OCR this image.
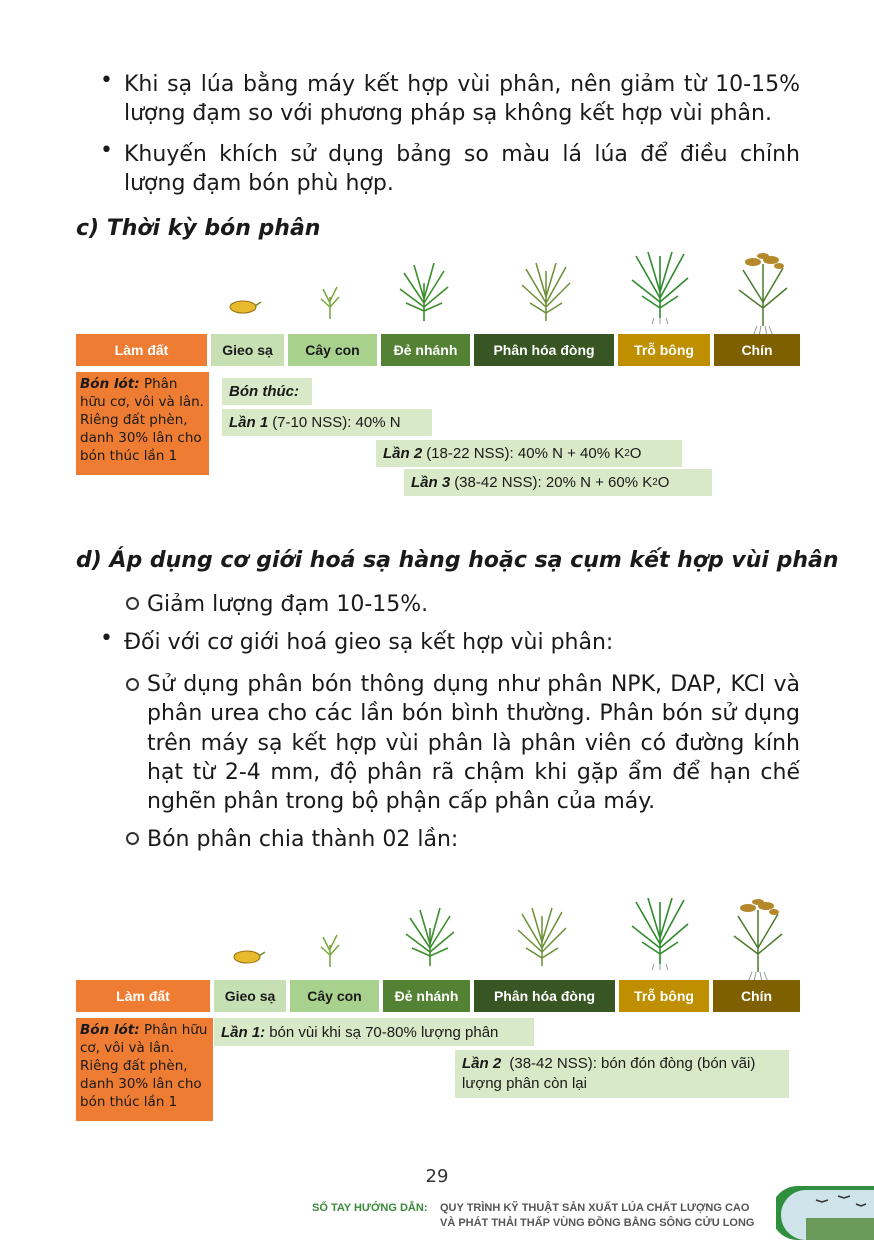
• Khi sạ lúa bằng máy kết hợp vùi phân, nên giảm từ 10-15% lượng đạm so với phương pháp sạ không kết hợp vùi phân.
• Khuyến khích sử dụng bảng so màu lá lúa để điều chỉnh lượng đạm bón phù hợp.
c) Thời kỳ bón phân
Làm đất	Gieo sạ	Cây con	Đẻ nhánh	Phân hóa đòng	Trỗ bông	Chín
Bón lót: Phân hữu cơ, vôi và lân. Riêng đất phèn, danh 30% lân cho bón thúc lần 1
Bón thúc:
Lần 1 (7-10 NSS): 40% N
Lần 2 (18-22 NSS): 40% N + 40% K 2 O
Lần 3 (38-42 NSS): 20% N + 60% K 2 O
d) Áp dụng cơ giới hoá sạ hàng hoặc sạ cụm kết hợp vùi phân
Giảm lượng đạm 10-15%.
• Đối với cơ giới hoá gieo sạ kết hợp vùi phân:
Sử dụng phân bón thông dụng như phân NPK, DAP, KCl và phân urea cho các lần bón bình thường. Phân bón sử dụng trên máy sạ kết hợp vùi phân là phân viên có đường kính hạt từ 2-4 mm, độ phân rã chậm khi gặp ẩm để hạn chế nghẽn phân trong bộ phận cấp phân của máy.
Bón phân chia thành 02 lần:
Làm đất	Gieo sạ	Cây con	Đẻ nhánh	Phân hóa đòng	Trỗ bông	Chín
Bón lót: Phân hữu cơ, vôi và lân. Riêng đất phèn, danh 30% lân cho bón thúc lần 1
Lần 1: bón vùi khi sạ 70-80% lượng phân
Lần 2 (38-42 NSS): bón đón đòng (bón vãi) lượng phân còn lại
29
SỔ TAY HƯỚNG DẪN: QUY TRÌNH KỸ THUẬT SẢN XUẤT LÚA CHẤT LƯỢNG CAO
VÀ PHÁT THẢI THẤP VÙNG ĐỒNG BẰNG SÔNG CỬU LONG
